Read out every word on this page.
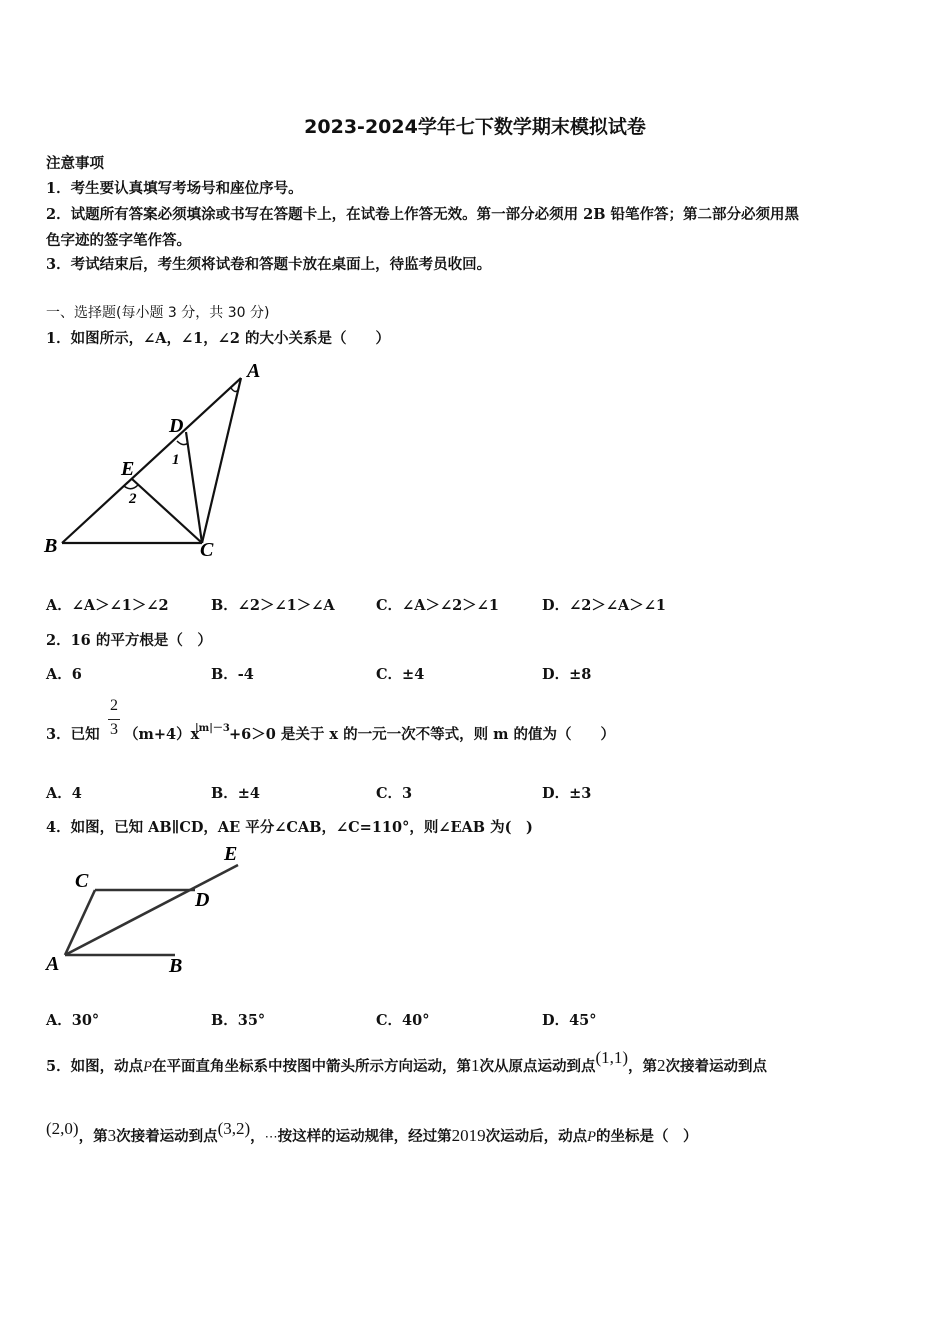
2023-2024学年七下数学期末模拟试卷
注意事项
1．考生要认真填写考场号和座位序号。
2．试题所有答案必须填涂或书写在答题卡上，在试卷上作答无效。第一部分必须用 2B 铅笔作答；第二部分必须用黑
色字迹的签字笔作答。
3．考试结束后，考生须将试卷和答题卡放在桌面上，待监考员收回。
一、选择题(每小题 3 分，共 30 分)
1．如图所示，∠A，∠1，∠2 的大小关系是（　　）
A
D
E
B	C
1
2
A．∠A＞∠1＞∠2	B．∠2＞∠1＞∠A	C．∠A＞∠2＞∠1	D．∠2＞∠A＞∠1
2．16 的平方根是（　）
A．6	B．-4	C．±4	D．±8
3．已知
2
3 （m+4）x
|m|－3 +6＞0 是关于 x 的一元一次不等式，则 m 的值为（　　）
A．4	B．±4	C．3	D．±3
4．如图，已知 AB∥CD，AE 平分∠CAB，∠C=110°，则∠EAB 为(　)
E
C
D
A	B
A．30°	B．35°	C．40°	D．45°
5．如图，动点P在平面直角坐标系中按图中箭头所示方向运动，第1次从原点运动到点(1,1)，第2次接着运动到点
(2,0)，第3次接着运动到点(3,2)，⋯按这样的运动规律，经过第2019次运动后，动点P的坐标是（　）
